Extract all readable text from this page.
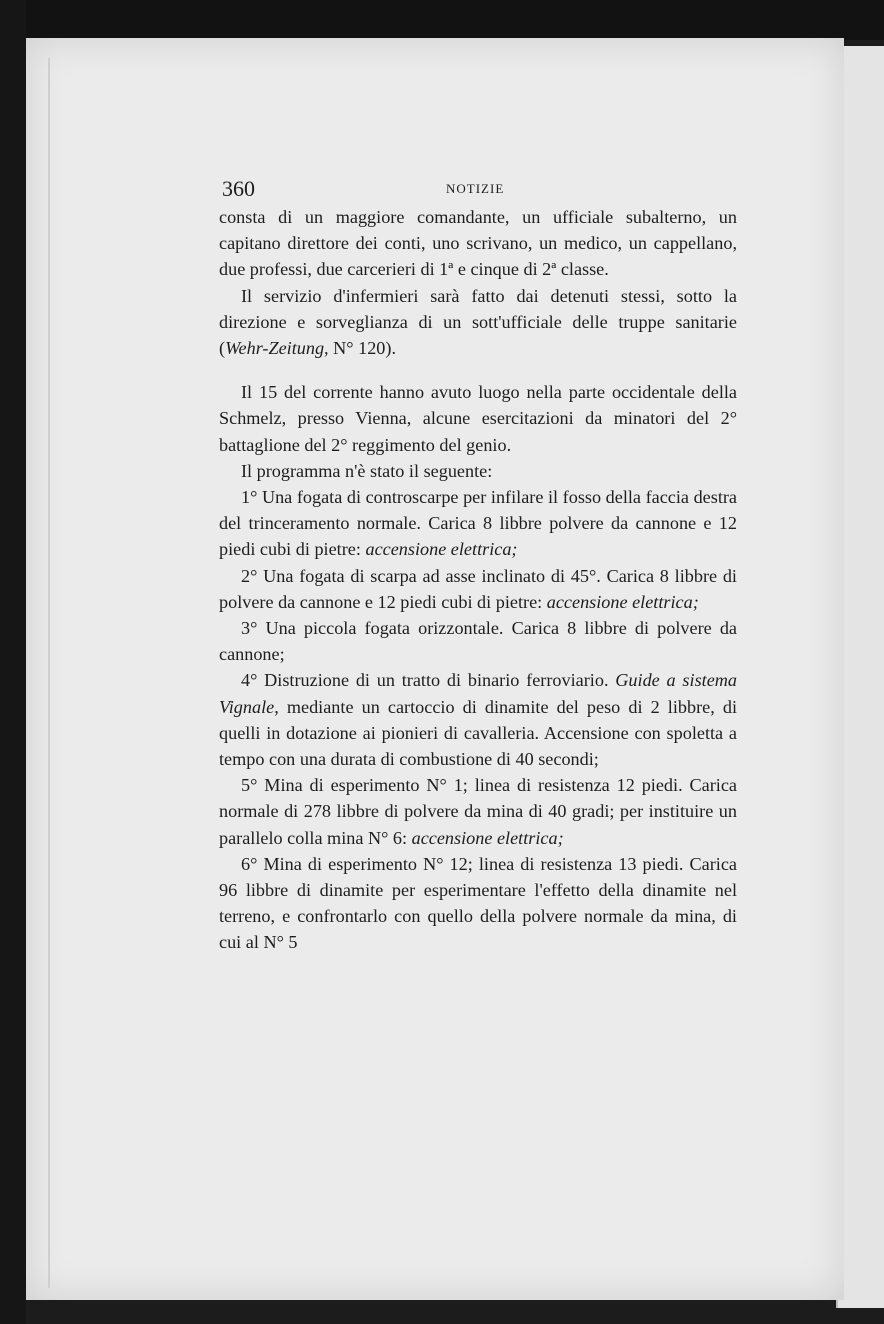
360	NOTIZIE

consta di un maggiore comandante, un ufficiale subalterno, un capitano direttore dei conti, uno scrivano, un medico, un cappellano, due professi, due carcerieri di 1ª e cinque di 2ª classe.

Il servizio d'infermieri sarà fatto dai detenuti stessi, sotto la direzione e sorveglianza di un sott'ufficiale delle truppe sanitarie (Wehr-Zeitung, N° 120).

Il 15 del corrente hanno avuto luogo nella parte occidentale della Schmelz, presso Vienna, alcune esercitazioni da minatori del 2° battaglione del 2° reggimento del genio.

Il programma n'è stato il seguente:

1° Una fogata di controscarpe per infilare il fosso della faccia destra del trinceramento normale. Carica 8 libbre polvere da cannone e 12 piedi cubi di pietre: accensione elettrica;

2° Una fogata di scarpa ad asse inclinato di 45°. Carica 8 libbre di polvere da cannone e 12 piedi cubi di pietre: accensione elettrica;

3° Una piccola fogata orizzontale. Carica 8 libbre di polvere da cannone;

4° Distruzione di un tratto di binario ferroviario. Guide a sistema Vignale, mediante un cartoccio di dinamite del peso di 2 libbre, di quelli in dotazione ai pionieri di cavalleria. Accensione con spoletta a tempo con una durata di combustione di 40 secondi;

5° Mina di esperimento N° 1; linea di resistenza 12 piedi. Carica normale di 278 libbre di polvere da mina di 40 gradi; per instituire un parallelo colla mina N° 6: accensione elettrica;

6° Mina di esperimento N° 12; linea di resistenza 13 piedi. Carica 96 libbre di dinamite per esperimentare l'effetto della dinamite nel terreno, e confrontarlo con quello della polvere normale da mina, di cui al N° 5
